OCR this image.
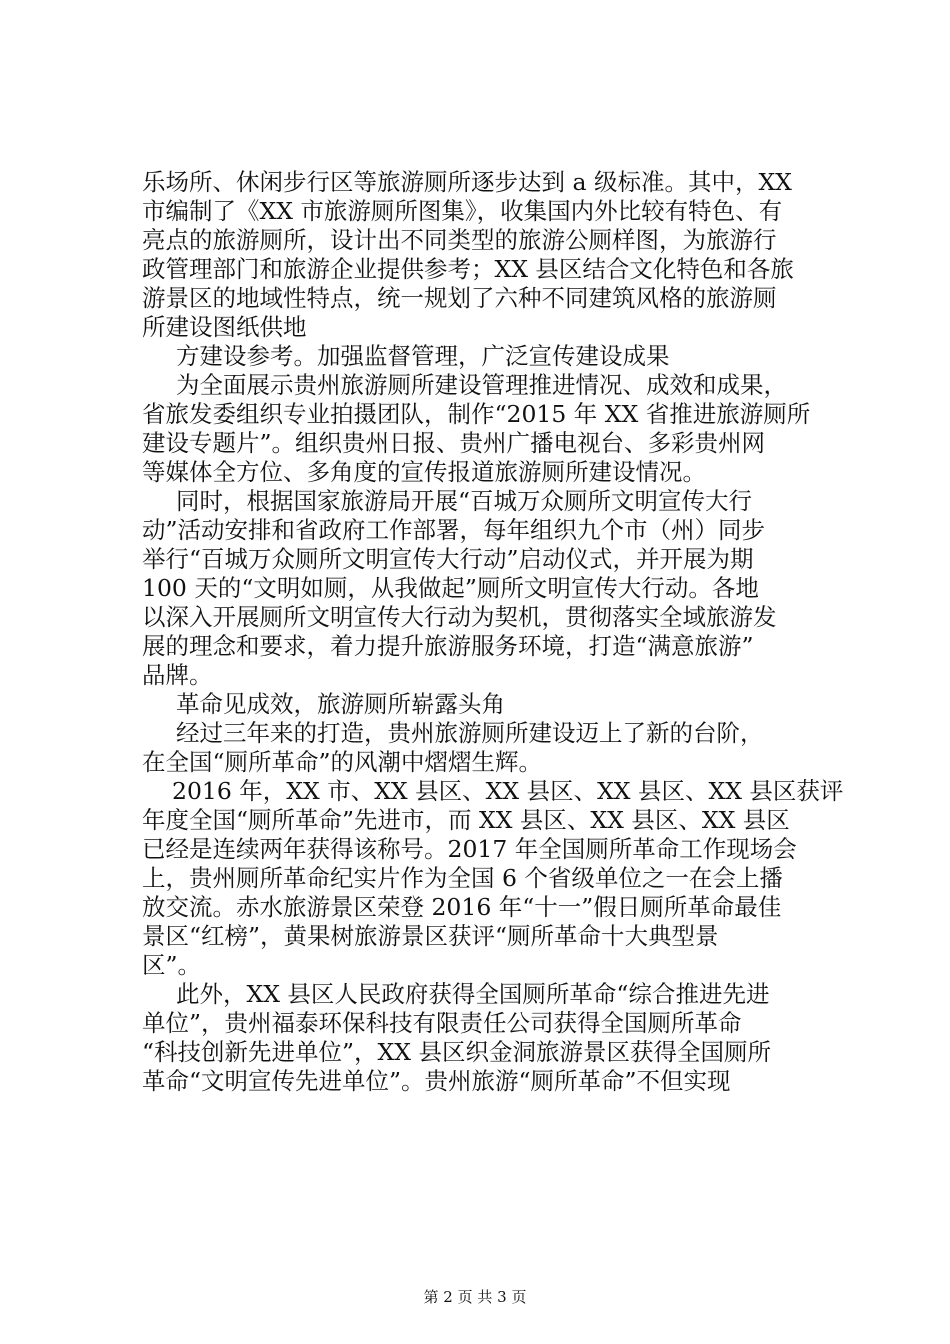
乐场所、休闲步行区等旅游厕所逐步达到 a 级标准。其中，XX
市编制了《XX 市旅游厕所图集》，收集国内外比较有特色、有
亮点的旅游厕所，设计出不同类型的旅游公厕样图，为旅游行
政管理部门和旅游企业提供参考；XX 县区结合文化特色和各旅
游景区的地域性特点，统一规划了六种不同建筑风格的旅游厕
所建设图纸供地
方建设参考。加强监督管理，广泛宣传建设成果
为全面展示贵州旅游厕所建设管理推进情况、成效和成果，
省旅发委组织专业拍摄团队，制作“2015 年 XX 省推进旅游厕所
建设专题片”。组织贵州日报、贵州广播电视台、多彩贵州网
等媒体全方位、多角度的宣传报道旅游厕所建设情况。
同时，根据国家旅游局开展“百城万众厕所文明宣传大行
动”活动安排和省政府工作部署，每年组织九个市（州）同步
举行“百城万众厕所文明宣传大行动”启动仪式，并开展为期
100 天的“文明如厕，从我做起”厕所文明宣传大行动。各地
以深入开展厕所文明宣传大行动为契机，贯彻落实全域旅游发
展的理念和要求，着力提升旅游服务环境，打造“满意旅游”
品牌。
革命见成效，旅游厕所崭露头角
经过三年来的打造，贵州旅游厕所建设迈上了新的台阶，
在全国“厕所革命”的风潮中熠熠生辉。
2016 年，XX 市、XX 县区、XX 县区、XX 县区、XX 县区获评
年度全国“厕所革命”先进市，而 XX 县区、XX 县区、XX 县区
已经是连续两年获得该称号。2017 年全国厕所革命工作现场会
上，贵州厕所革命纪实片作为全国 6 个省级单位之一在会上播
放交流。赤水旅游景区荣登 2016 年“十一”假日厕所革命最佳
景区“红榜”，黄果树旅游景区获评“厕所革命十大典型景
区”。
此外，XX 县区人民政府获得全国厕所革命“综合推进先进
单位”，贵州福泰环保科技有限责任公司获得全国厕所革命
“科技创新先进单位”，XX 县区织金洞旅游景区获得全国厕所
革命“文明宣传先进单位”。贵州旅游“厕所革命”不但实现
第 2 页 共 3 页
